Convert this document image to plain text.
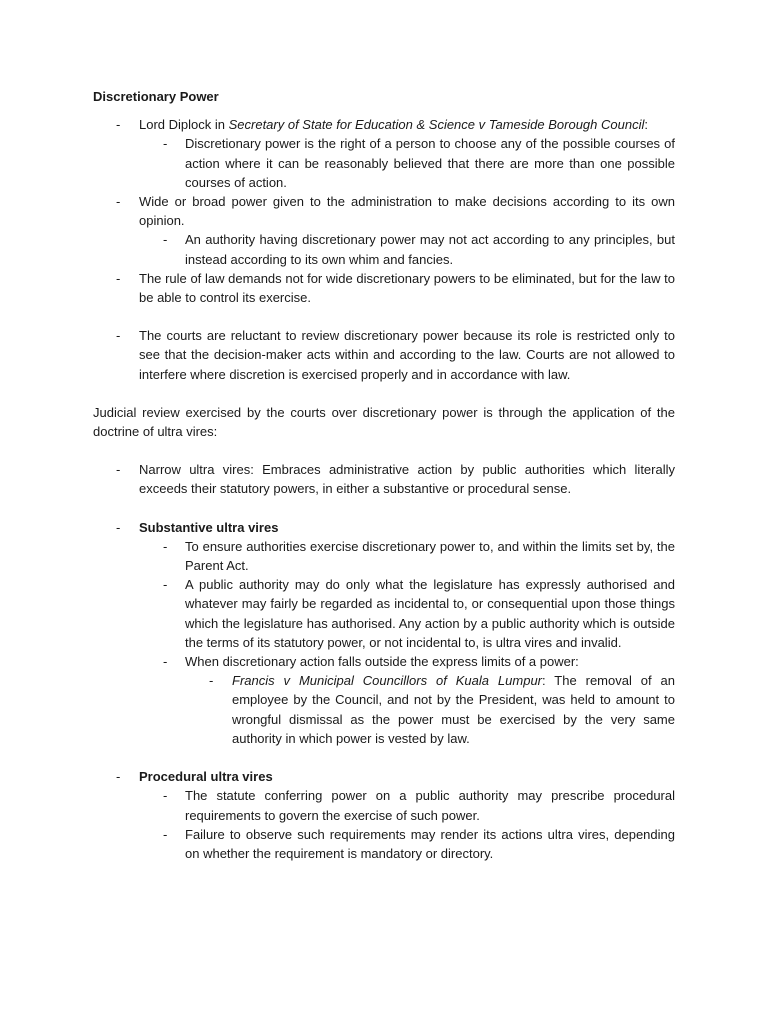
Discretionary Power
- Lord Diplock in Secretary of State for Education & Science v Tameside Borough Council:
- Discretionary power is the right of a person to choose any of the possible courses of action where it can be reasonably believed that there are more than one possible courses of action.
- Wide or broad power given to the administration to make decisions according to its own opinion.
- An authority having discretionary power may not act according to any principles, but instead according to its own whim and fancies.
- The rule of law demands not for wide discretionary powers to be eliminated, but for the law to be able to control its exercise.
- The courts are reluctant to review discretionary power because its role is restricted only to see that the decision-maker acts within and according to the law. Courts are not allowed to interfere where discretion is exercised properly and in accordance with law.
Judicial review exercised by the courts over discretionary power is through the application of the doctrine of ultra vires:
- Narrow ultra vires: Embraces administrative action by public authorities which literally exceeds their statutory powers, in either a substantive or procedural sense.
- Substantive ultra vires
- To ensure authorities exercise discretionary power to, and within the limits set by, the Parent Act.
- A public authority may do only what the legislature has expressly authorised and whatever may fairly be regarded as incidental to, or consequential upon those things which the legislature has authorised. Any action by a public authority which is outside the terms of its statutory power, or not incidental to, is ultra vires and invalid.
- When discretionary action falls outside the express limits of a power:
- Francis v Municipal Councillors of Kuala Lumpur: The removal of an employee by the Council, and not by the President, was held to amount to wrongful dismissal as the power must be exercised by the very same authority in which power is vested by law.
- Procedural ultra vires
- The statute conferring power on a public authority may prescribe procedural requirements to govern the exercise of such power.
- Failure to observe such requirements may render its actions ultra vires, depending on whether the requirement is mandatory or directory.
